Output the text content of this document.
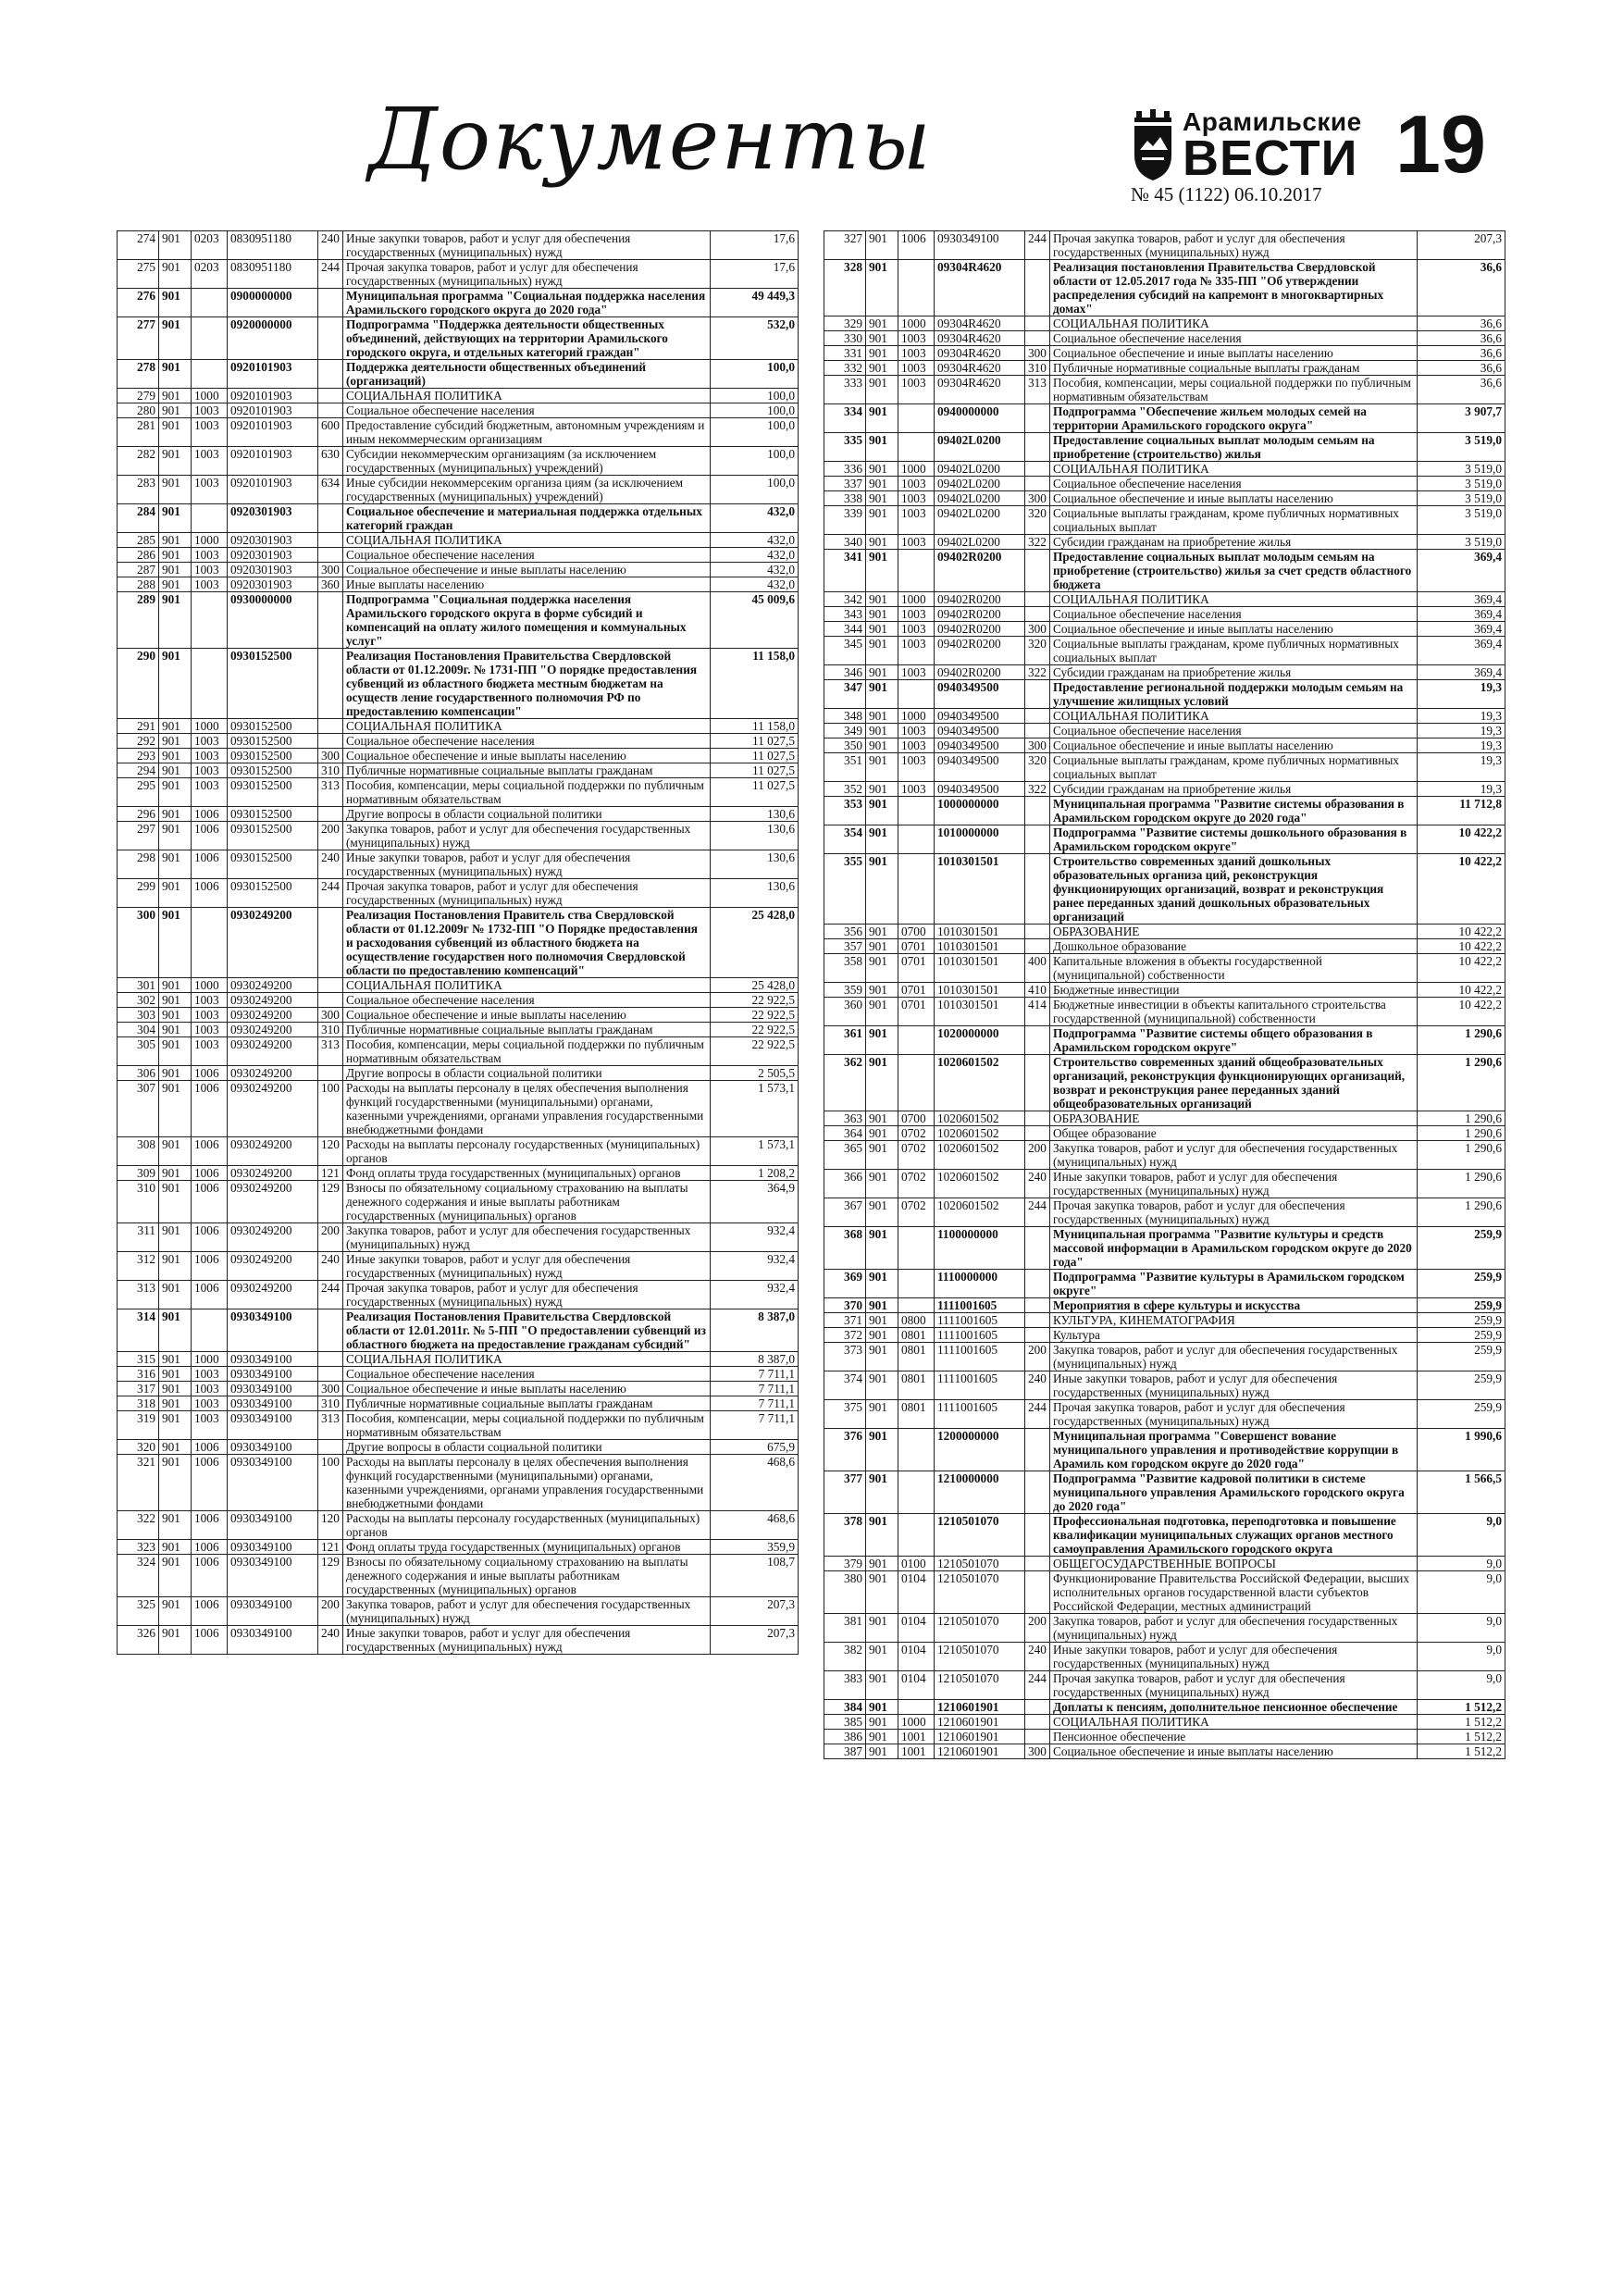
Документы	Арамильские
ВЕСТИ
№ 45 (1122) 06.10.2017
19
274	901	0203	0830951180	240	Иные закупки товаров, работ и услуг для обеспечения государственных (муниципальных) нужд	17,6
275	901	0203	0830951180	244	Прочая закупка товаров, работ и услуг для обеспечения государственных (муниципальных) нужд	17,6
276	901		0900000000		Муниципальная программа "Социальная поддержка населения Арамильского городского округа до 2020 года"	49 449,3
277	901		0920000000		Подпрограмма "Поддержка деятельности общественных объединений, действующих на территории Арамильского городского округа, и отдельных категорий граждан"	532,0
278	901		0920101903		Поддержка деятельности общественных объединений (организаций)	100,0
279	901	1000	0920101903		СОЦИАЛЬНАЯ ПОЛИТИКА	100,0
280	901	1003	0920101903		Социальное обеспечение населения	100,0
281	901	1003	0920101903	600	Предоставление субсидий бюджетным, автономным учреждениям и иным некоммерческим организациям	100,0
282	901	1003	0920101903	630	Субсидии некоммерческим организациям (за исключением государственных (муниципальных) учреждений)	100,0
283	901	1003	0920101903	634	Иные субсидии некоммерсеким организа циям (за исключением государственных (муниципальных) учреждений)	100,0
284	901		0920301903		Социальное обеспечение и материальная поддержка отдельных категорий граждан	432,0
285	901	1000	0920301903		СОЦИАЛЬНАЯ ПОЛИТИКА	432,0
286	901	1003	0920301903		Социальное обеспечение населения	432,0
287	901	1003	0920301903	300	Социальное обеспечение и иные выплаты населению	432,0
288	901	1003	0920301903	360	Иные выплаты населению	432,0
289	901		0930000000		Подпрограмма "Социальная поддержка населения Арамильского городского округа в форме субсидий и компенсаций на оплату жилого помещения и коммунальных услуг"	45 009,6
290	901		0930152500		Реализация Постановления Правительства Свердловской области от 01.12.2009г. № 1731-ПП "О порядке предоставления субвенций из областного бюджета местным бюджетам на осуществ ление государственного полномочия РФ по предоставлению компенсации"	11 158,0
291	901	1000	0930152500		СОЦИАЛЬНАЯ ПОЛИТИКА	11 158,0
292	901	1003	0930152500		Социальное обеспечение населения	11 027,5
293	901	1003	0930152500	300	Социальное обеспечение и иные выплаты населению	11 027,5
294	901	1003	0930152500	310	Публичные нормативные социальные выплаты гражданам	11 027,5
295	901	1003	0930152500	313	Пособия, компенсации, меры социальной поддержки по публичным нормативным обязательствам	11 027,5
296	901	1006	0930152500		Другие вопросы в области социальной политики	130,6
297	901	1006	0930152500	200	Закупка товаров, работ и услуг для обеспечения государственных (муниципальных) нужд	130,6
298	901	1006	0930152500	240	Иные закупки товаров, работ и услуг для обеспечения государственных (муниципальных) нужд	130,6
299	901	1006	0930152500	244	Прочая закупка товаров, работ и услуг для обеспечения государственных (муниципальных) нужд	130,6
300	901		0930249200		Реализация Постановления Правитель ства Свердловской области от 01.12.2009г № 1732-ПП "О Порядке предоставления и расходования субвенций из областного бюджета на осуществление государствен ного полномочия Свердловской области по предоставлению компенсаций"	25 428,0
301	901	1000	0930249200		СОЦИАЛЬНАЯ ПОЛИТИКА	25 428,0
302	901	1003	0930249200		Социальное обеспечение населения	22 922,5
303	901	1003	0930249200	300	Социальное обеспечение и иные выплаты населению	22 922,5
304	901	1003	0930249200	310	Публичные нормативные социальные выплаты гражданам	22 922,5
305	901	1003	0930249200	313	Пособия, компенсации, меры социальной поддержки по публичным нормативным обязательствам	22 922,5
306	901	1006	0930249200		Другие вопросы в области социальной политики	2 505,5
307	901	1006	0930249200	100	Расходы на выплаты персоналу в целях обеспечения выполнения функций государственными (муниципальными) органами, казенными учреждениями, органами управления государственными внебюджетными фондами	1 573,1
308	901	1006	0930249200	120	Расходы на выплаты персоналу государственных (муниципальных) органов	1 573,1
309	901	1006	0930249200	121	Фонд оплаты труда государственных (муниципальных) органов	1 208,2
310	901	1006	0930249200	129	Взносы по обязательному социальному страхованию на выплаты денежного содержания и иные выплаты работникам государственных (муниципальных) органов	364,9
311	901	1006	0930249200	200	Закупка товаров, работ и услуг для обеспечения государственных (муниципальных) нужд	932,4
312	901	1006	0930249200	240	Иные закупки товаров, работ и услуг для обеспечения государственных (муниципальных) нужд	932,4
313	901	1006	0930249200	244	Прочая закупка товаров, работ и услуг для обеспечения государственных (муниципальных) нужд	932,4
314	901		0930349100		Реализация Постановления Правительства Свердловской области от 12.01.2011г. № 5-ПП "О предоставлении субвенций из областного бюджета на предоставление гражданам субсидий"	8 387,0
315	901	1000	0930349100		СОЦИАЛЬНАЯ ПОЛИТИКА	8 387,0
316	901	1003	0930349100		Социальное обеспечение населения	7 711,1
317	901	1003	0930349100	300	Социальное обеспечение и иные выплаты населению	7 711,1
318	901	1003	0930349100	310	Публичные нормативные социальные выплаты гражданам	7 711,1
319	901	1003	0930349100	313	Пособия, компенсации, меры социальной поддержки по публичным нормативным обязательствам	7 711,1
320	901	1006	0930349100		Другие вопросы в области социальной политики	675,9
321	901	1006	0930349100	100	Расходы на выплаты персоналу в целях обеспечения выполнения функций государственными (муниципальными) органами, казенными учреждениями, органами управления государственными внебюджетными фондами	468,6
322	901	1006	0930349100	120	Расходы на выплаты персоналу государственных (муниципальных) органов	468,6
323	901	1006	0930349100	121	Фонд оплаты труда государственных (муниципальных) органов	359,9
324	901	1006	0930349100	129	Взносы по обязательному социальному страхованию на выплаты денежного содержания и иные выплаты работникам государственных (муниципальных) органов	108,7
325	901	1006	0930349100	200	Закупка товаров, работ и услуг для обеспечения государственных (муниципальных) нужд	207,3
326	901	1006	0930349100	240	Иные закупки товаров, работ и услуг для обеспечения государственных (муниципальных) нужд	207,3
327	901	1006	0930349100	244	Прочая закупка товаров, работ и услуг для обеспечения государственных (муниципальных) нужд	207,3
328	901		09304R4620		Реализация постановления Правительства Свердловской области от 12.05.2017 года № 335-ПП "Об утверждении распределения субсидий на капремонт в многоквартирных домах"	36,6
329	901	1000	09304R4620		СОЦИАЛЬНАЯ ПОЛИТИКА	36,6
330	901	1003	09304R4620		Социальное обеспечение населения	36,6
331	901	1003	09304R4620	300	Социальное обеспечение и иные выплаты населению	36,6
332	901	1003	09304R4620	310	Публичные нормативные социальные выплаты гражданам	36,6
333	901	1003	09304R4620	313	Пособия, компенсации, меры социальной поддержки по публичным нормативным обязательствам	36,6
334	901		0940000000		Подпрограмма "Обеспечение жильем молодых семей на территории Арамильского городского округа"	3 907,7
335	901		09402L0200		Предоставление социальных выплат молодым семьям на приобретение (строительство) жилья	3 519,0
336	901	1000	09402L0200		СОЦИАЛЬНАЯ ПОЛИТИКА	3 519,0
337	901	1003	09402L0200		Социальное обеспечение населения	3 519,0
338	901	1003	09402L0200	300	Социальное обеспечение и иные выплаты населению	3 519,0
339	901	1003	09402L0200	320	Социальные выплаты гражданам, кроме публичных нормативных социальных выплат	3 519,0
340	901	1003	09402L0200	322	Субсидии гражданам на приобретение жилья	3 519,0
341	901		09402R0200		Предоставление социальных выплат молодым семьям на приобретение (строительство) жилья за счет средств областного бюджета	369,4
342	901	1000	09402R0200		СОЦИАЛЬНАЯ ПОЛИТИКА	369,4
343	901	1003	09402R0200		Социальное обеспечение населения	369,4
344	901	1003	09402R0200	300	Социальное обеспечение и иные выплаты населению	369,4
345	901	1003	09402R0200	320	Социальные выплаты гражданам, кроме публичных нормативных социальных выплат	369,4
346	901	1003	09402R0200	322	Субсидии гражданам на приобретение жилья	369,4
347	901		0940349500		Предоставление региональной поддержки молодым семьям на улучшение жилищных условий	19,3
348	901	1000	0940349500		СОЦИАЛЬНАЯ ПОЛИТИКА	19,3
349	901	1003	0940349500		Социальное обеспечение населения	19,3
350	901	1003	0940349500	300	Социальное обеспечение и иные выплаты населению	19,3
351	901	1003	0940349500	320	Социальные выплаты гражданам, кроме публичных нормативных социальных выплат	19,3
352	901	1003	0940349500	322	Субсидии гражданам на приобретение жилья	19,3
353	901		1000000000		Муниципальная программа "Развитие системы образования в Арамильском городском округе до 2020 года"	11 712,8
354	901		1010000000		Подпрограмма "Развитие системы дошкольного образования в Арамильском городском округе"	10 422,2
355	901		1010301501		Строительство современных зданий дошкольных образовательных организа ций, реконструкция функционирующих организаций, возврат и реконструкция ранее переданных зданий дошкольных образовательных организаций	10 422,2
356	901	0700	1010301501		ОБРАЗОВАНИЕ	10 422,2
357	901	0701	1010301501		Дошкольное образование	10 422,2
358	901	0701	1010301501	400	Капитальные вложения в объекты государственной (муниципальной) собственности	10 422,2
359	901	0701	1010301501	410	Бюджетные инвестиции	10 422,2
360	901	0701	1010301501	414	Бюджетные инвестиции в объекты капитального строительства государственной (муниципальной) собственности	10 422,2
361	901		1020000000		Подпрограмма "Развитие системы общего образования в Арамильском городском округе"	1 290,6
362	901		1020601502		Строительство современных зданий общеобразовательных организаций, реконструкция функционирующих организаций, возврат и реконструкция ранее переданных зданий общеобразовательных организаций	1 290,6
363	901	0700	1020601502		ОБРАЗОВАНИЕ	1 290,6
364	901	0702	1020601502		Общее образование	1 290,6
365	901	0702	1020601502	200	Закупка товаров, работ и услуг для обеспечения государственных (муниципальных) нужд	1 290,6
366	901	0702	1020601502	240	Иные закупки товаров, работ и услуг для обеспечения государственных (муниципальных) нужд	1 290,6
367	901	0702	1020601502	244	Прочая закупка товаров, работ и услуг для обеспечения государственных (муниципальных) нужд	1 290,6
368	901		1100000000		Муниципальная программа "Развитие культуры и средств массовой информации в Арамильском городском округе до 2020 года"	259,9
369	901		1110000000		Подпрограмма "Развитие культуры в Арамильском городском округе"	259,9
370	901		1111001605		Мероприятия в сфере культуры и искусства	259,9
371	901	0800	1111001605		КУЛЬТУРА, КИНЕМАТОГРАФИЯ	259,9
372	901	0801	1111001605		Культура	259,9
373	901	0801	1111001605	200	Закупка товаров, работ и услуг для обеспечения государственных (муниципальных) нужд	259,9
374	901	0801	1111001605	240	Иные закупки товаров, работ и услуг для обеспечения государственных (муниципальных) нужд	259,9
375	901	0801	1111001605	244	Прочая закупка товаров, работ и услуг для обеспечения государственных (муниципальных) нужд	259,9
376	901		1200000000		Муниципальная программа "Совершенст вование муниципального управления и противодействие коррупции в Арамиль ком городском округе до 2020 года"	1 990,6
377	901		1210000000		Подпрограмма "Развитие кадровой политики в системе муниципального управления Арамильского городского округа до 2020 года"	1 566,5
378	901		1210501070		Профессиональная подготовка, переподготовка и повышение квалификации муниципальных служащих органов местного самоуправления Арамильского городского округа	9,0
379	901	0100	1210501070		ОБЩЕГОСУДАРСТВЕННЫЕ ВОПРОСЫ	9,0
380	901	0104	1210501070		Функционирование Правительства Российской Федерации, высших исполнительных органов государственной власти субъектов Российской Федерации, местных администраций	9,0
381	901	0104	1210501070	200	Закупка товаров, работ и услуг для обеспечения государственных (муниципальных) нужд	9,0
382	901	0104	1210501070	240	Иные закупки товаров, работ и услуг для обеспечения государственных (муниципальных) нужд	9,0
383	901	0104	1210501070	244	Прочая закупка товаров, работ и услуг для обеспечения государственных (муниципальных) нужд	9,0
384	901		1210601901		Доплаты к пенсиям, дополнительное пенсионное обеспечение	1 512,2
385	901	1000	1210601901		СОЦИАЛЬНАЯ ПОЛИТИКА	1 512,2
386	901	1001	1210601901		Пенсионное обеспечение	1 512,2
387	901	1001	1210601901	300	Социальное обеспечение и иные выплаты населению	1 512,2
